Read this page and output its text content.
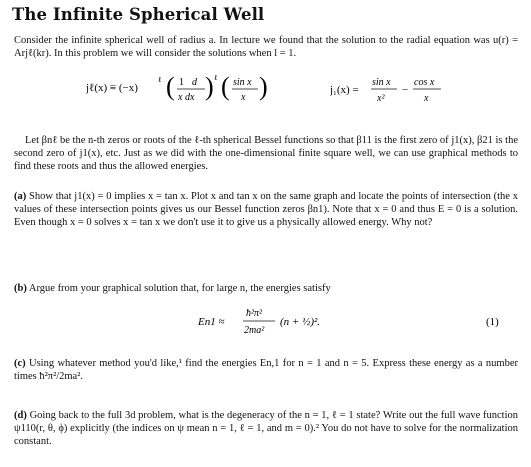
The Infinite Spherical Well
Consider the infinite spherical well of radius a. In lecture we found that the solution to the radial equation was u(r) = Arjℓ(kr). In this problem we will consider the solutions when l = 1.
jℓ(x) ≡ (−x)
ℓ ( 1 d
x dx ) ℓ ( sin x
x )	j₁(x) =
sin x
x²
−
cos x
x
Let βnℓ be the n-th zeros or roots of the ℓ-th spherical Bessel functions so that β11 is the first zero of j1(x), β21 is the second zero of j1(x), etc. Just as we did with the one-dimensional finite square well, we can use graphical methods to find these roots and thus the allowed energies.
(a) Show that j1(x) = 0 implies x = tan x. Plot x and tan x on the same graph and locate the points of intersection (the x values of these intersection points gives us our Bessel function zeros βn1). Note that x = 0 and thus E = 0 is a solution. Even though x = 0 solves x = tan x we don't use it to give us a physically allowed energy. Why not?
(b) Argue from your graphical solution that, for large n, the energies satisfy
En1 ≈
ħ²π²
2ma²
(n + ½)².	(1)
(c) Using whatever method you'd like,¹ find the energies En,1 for n = 1 and n = 5. Express these energy as a number times ħ²π²/2ma².
(d) Going back to the full 3d problem, what is the degeneracy of the n = 1, ℓ = 1 state? Write out the full wave function ψ110(r, θ, ϕ) explicitly (the indices on ψ mean n = 1, ℓ = 1, and m = 0).² You do not have to solve for the normalization constant.
